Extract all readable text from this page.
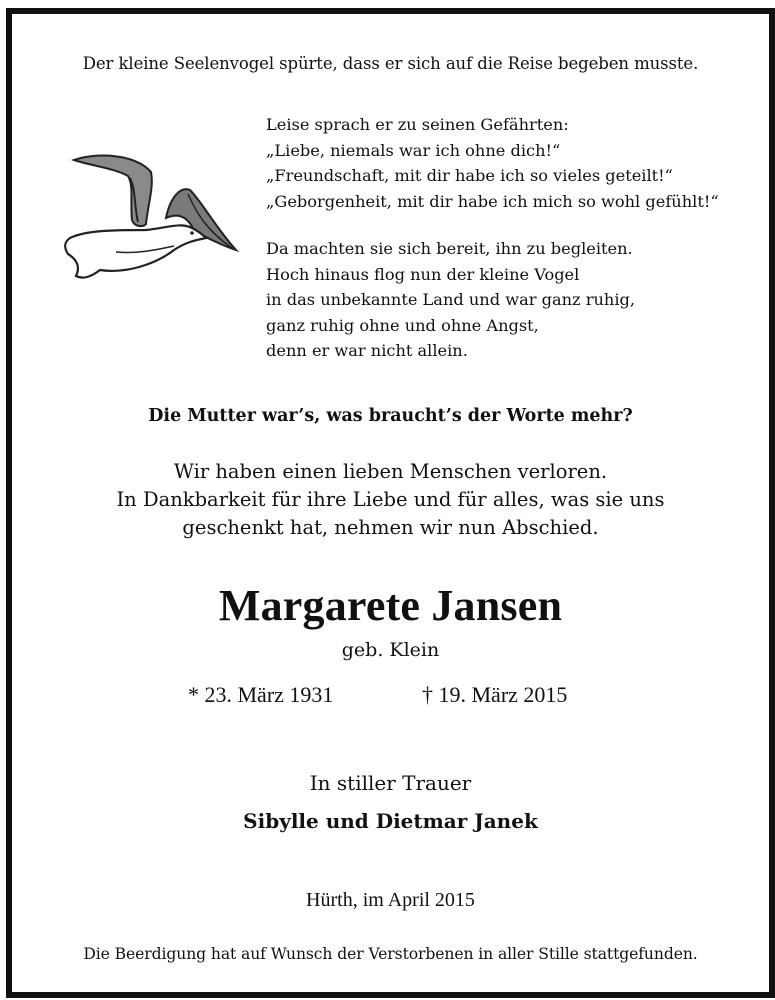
Der kleine Seelenvogel spürte, dass er sich auf die Reise begeben musste.
Leise sprach er zu seinen Gefährten:
„Liebe, niemals war ich ohne dich!“
„Freundschaft, mit dir habe ich so vieles geteilt!“
„Geborgenheit, mit dir habe ich mich so wohl gefühlt!“
Da machten sie sich bereit, ihn zu begleiten.
Hoch hinaus flog nun der kleine Vogel
in das unbekannte Land und war ganz ruhig,
ganz ruhig ohne und ohne Angst,
denn er war nicht allein.
Die Mutter war’s, was braucht’s der Worte mehr?
Wir haben einen lieben Menschen verloren.
In Dankbarkeit für ihre Liebe und für alles, was sie uns
geschenkt hat, nehmen wir nun Abschied.
Margarete Jansen
geb. Klein
* 23. März 1931	† 19. März 2015
In stiller Trauer
Sibylle und Dietmar Janek
Hürth, im April 2015
Die Beerdigung hat auf Wunsch der Verstorbenen in aller Stille stattgefunden.
